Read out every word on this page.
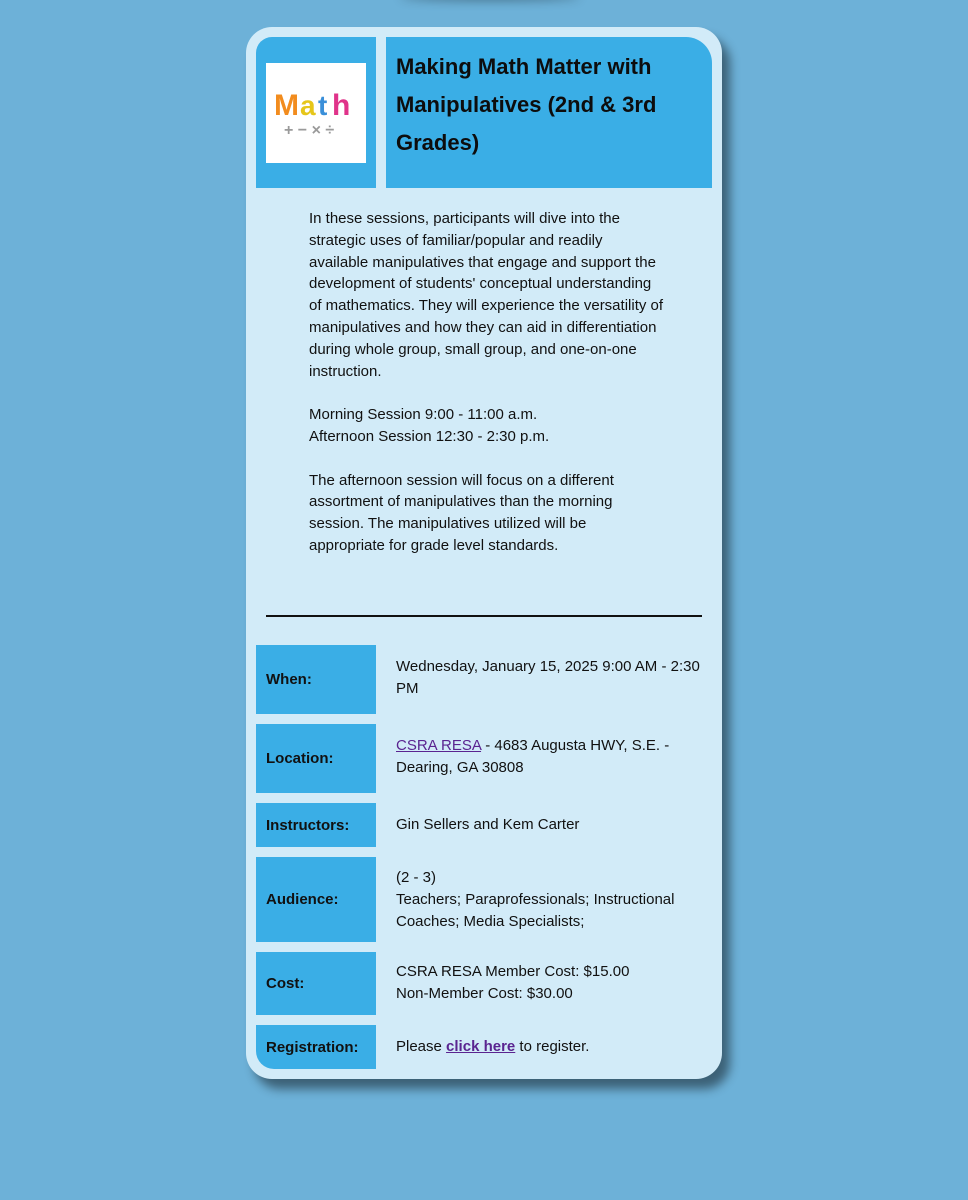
M a t h
+ − × ÷
Making Math Matter with Manipulatives (2nd & 3rd Grades)

In these sessions, participants will dive into the strategic uses of familiar/popular and readily available manipulatives that engage and support the development of students' conceptual understanding of mathematics. They will experience the versatility of manipulatives and how they can aid in differentiation during whole group, small group, and one-on-one instruction.

Morning Session 9:00 - 11:00 a.m.

Afternoon Session 12:30 - 2:30 p.m.

The afternoon session will focus on a different assortment of manipulatives than the morning session. The manipulatives utilized will be appropriate for grade level standards.

When:
Wednesday, January 15, 2025 9:00 AM - 2:30 PM
Location:
CSRA RESA - 4683 Augusta HWY, S.E. - Dearing, GA 30808
Instructors:	Gin Sellers and Kem Carter
Audience:
(2 - 3)
Teachers; Paraprofessionals; Instructional Coaches; Media Specialists;
Cost:
CSRA RESA Member Cost: $15.00
Non-Member Cost: $30.00
Registration:	Please click here to register.
